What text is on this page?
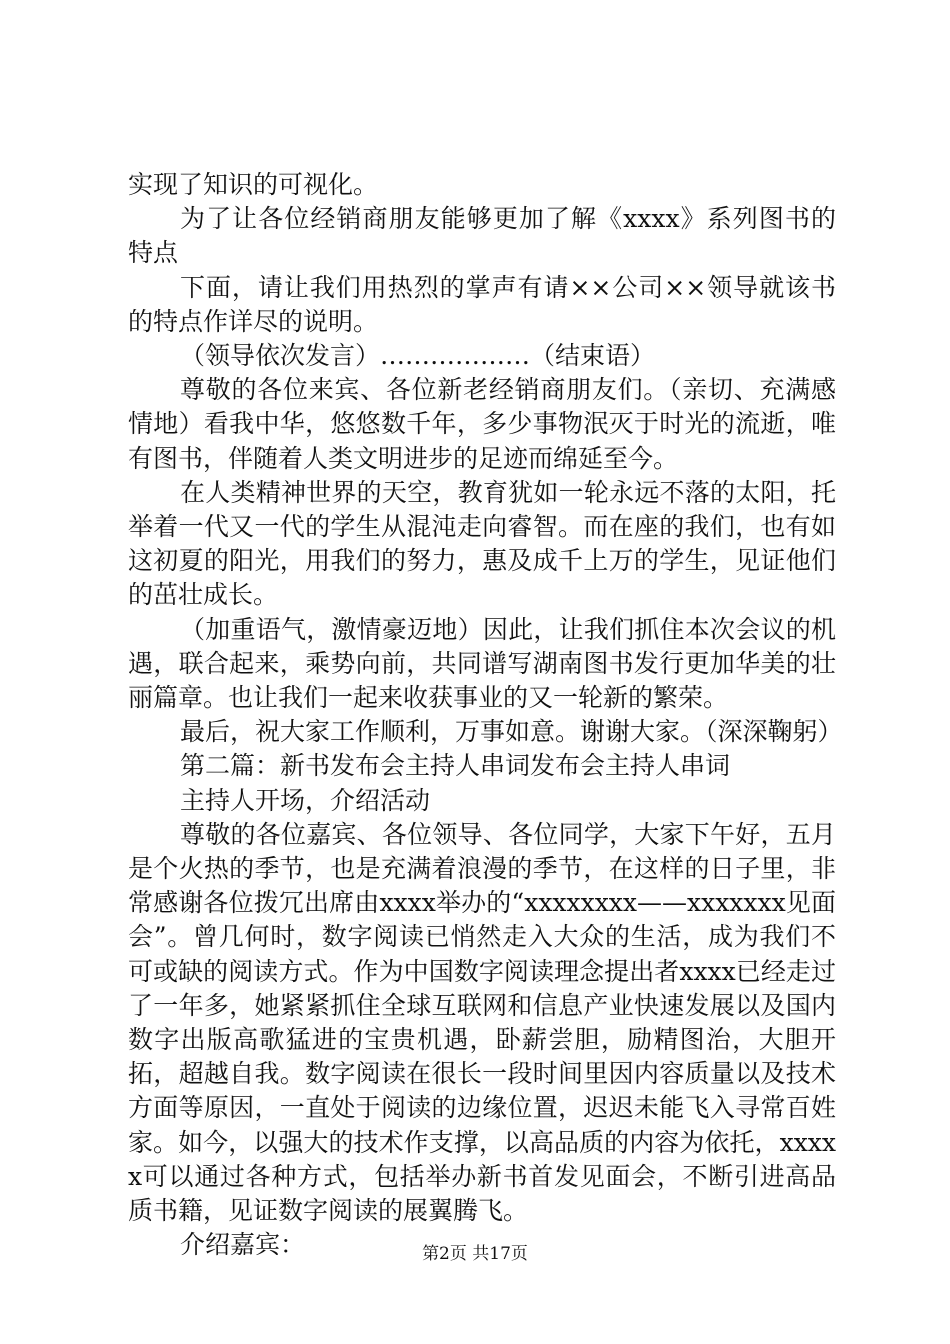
实现了知识的可视化。

为了让各位经销商朋友能够更加了解《xxxx》系列图书的特点

下面，请让我们用热烈的掌声有请××公司××领导就该书的特点作详尽的说明。

（领导依次发言）………………（结束语）

尊敬的各位来宾、各位新老经销商朋友们。（亲切、充满感情地）看我中华，悠悠数千年，多少事物泯灭于时光的流逝，唯有图书，伴随着人类文明进步的足迹而绵延至今。

在人类精神世界的天空，教育犹如一轮永远不落的太阳，托举着一代又一代的学生从混沌走向睿智。而在座的我们，也有如这初夏的阳光，用我们的努力，惠及成千上万的学生，见证他们的茁壮成长。

（加重语气，激情豪迈地）因此，让我们抓住本次会议的机遇，联合起来，乘势向前，共同谱写湖南图书发行更加华美的壮丽篇章。也让我们一起来收获事业的又一轮新的繁荣。

最后，祝大家工作顺利，万事如意。谢谢大家。（深深鞠躬）

第二篇：新书发布会主持人串词发布会主持人串词

主持人开场，介绍活动

尊敬的各位嘉宾、各位领导、各位同学，大家下午好，五月是个火热的季节，也是充满着浪漫的季节，在这样的日子里，非常感谢各位拨冗出席由xxxx举办的“xxxxxxxx——xxxxxxx见面会”。曾几何时，数字阅读已悄然走入大众的生活，成为我们不可或缺的阅读方式。作为中国数字阅读理念提出者xxxx已经走过了一年多，她紧紧抓住全球互联网和信息产业快速发展以及国内数字出版高歌猛进的宝贵机遇，卧薪尝胆，励精图治，大胆开拓，超越自我。数字阅读在很长一段时间里因内容质量以及技术方面等原因，一直处于阅读的边缘位置，迟迟未能飞入寻常百姓家。如今，以强大的技术作支撑，以高品质的内容为依托，xxxxx可以通过各种方式，包括举办新书首发见面会，不断引进高品质书籍，见证数字阅读的展翼腾飞。

介绍嘉宾：	第2页 共17页
